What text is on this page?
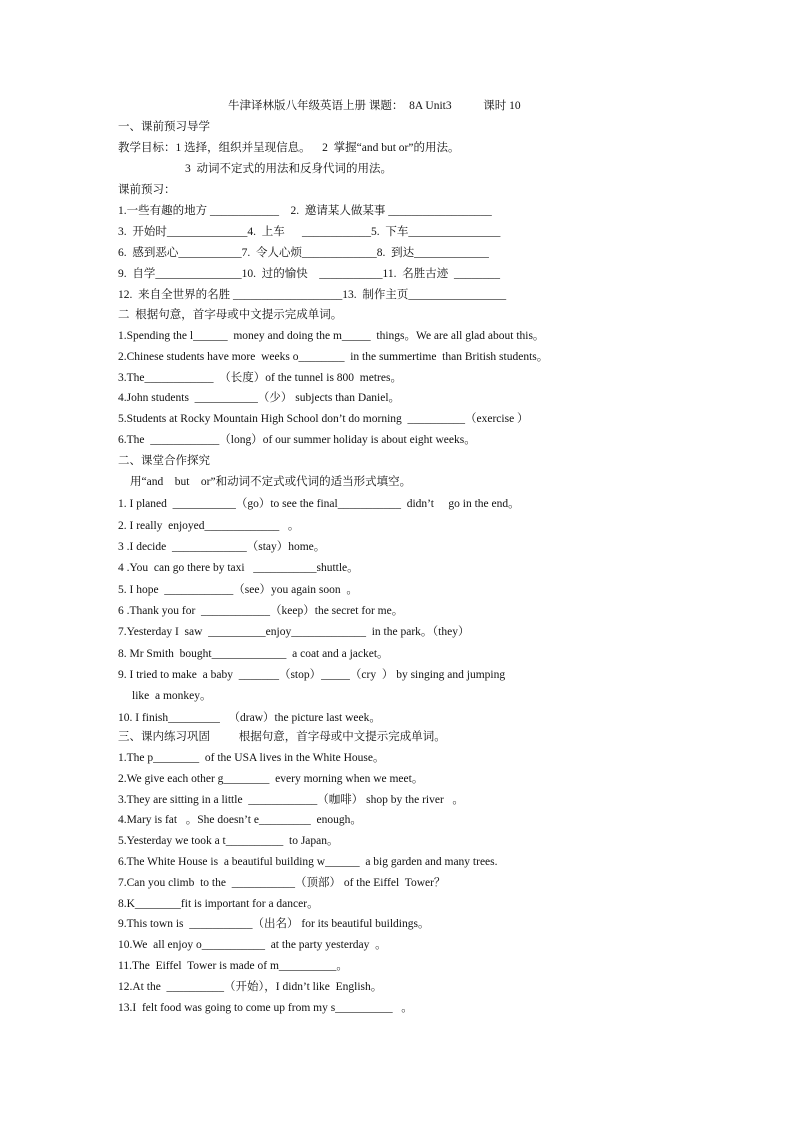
牛津译林版八年级英语上册 课题：  8A Unit3           课时 10
一、课前预习导学
教学目标：1 选择，组织并呈现信息。    2  掌握“and but or”的用法。
3  动词不定式的用法和反身代词的用法。
课前预习：
1.一些有趣的地方 ____________    2.  邀请某人做某事 __________________
3.  开始时______________4.  上车      ____________5.  下车________________
6.  感到恶心___________7.  令人心烦_____________8.  到达_____________
9.  自学_______________10.  过的愉快    ___________11.  名胜古迹  ________
12.  来自全世界的名胜 ___________________13.  制作主页_________________
二  根据句意，首字母或中文提示完成单词。
1.Spending the l______  money and doing the m_____  things。We are all glad about this。
2.Chinese students have more  weeks o________  in the summertime  than British students。
3.The____________  （长度）of the tunnel is 800  metres。
4.John students  ___________（少） subjects than Daniel。
5.Students at Rocky Mountain High School don’t do morning  __________（exercise ）
6.The  ____________（long）of our summer holiday is about eight weeks。
二、课堂合作探究
用“and    but    or”和动词不定式或代词的适当形式填空。
1. I planed  ___________（go）to see the final___________  didn’t     go in the end。
2. I really  enjoyed_____________   。
3 .I decide  _____________（stay）home。
4 .You  can go there by taxi   ___________shuttle。
5. I hope  ____________（see）you again soon  。
6 .Thank you for  ____________（keep）the secret for me。
7.Yesterday I  saw  __________enjoy_____________  in the park。（they）
8. Mr Smith  bought_____________  a coat and a jacket。
9. I tried to make  a baby  _______（stop）_____（cry  ） by singing and jumping
like  a monkey。
10. I finish_________   （draw）the picture last week。
三、课内练习巩固          根据句意，首字母或中文提示完成单词。
1.The p________  of the USA lives in the White House。
2.We give each other g________  every morning when we meet。
3.They are sitting in a little  ____________（咖啡） shop by the river   。
4.Mary is fat   。She doesn’t e_________  enough。
5.Yesterday we took a t__________  to Japan。
6.The White House is  a beautiful building w______  a big garden and many trees.
7.Can you climb  to the  ___________（顶部） of the Eiffel  Tower？
8.K________fit is important for a dancer。
9.This town is  ___________（出名） for its beautiful buildings。
10.We  all enjoy o___________  at the party yesterday  。
11.The  Eiffel  Tower is made of m__________。
12.At the  __________（开始），I didn’t like  English。
13.I  felt food was going to come up from my s__________   。
